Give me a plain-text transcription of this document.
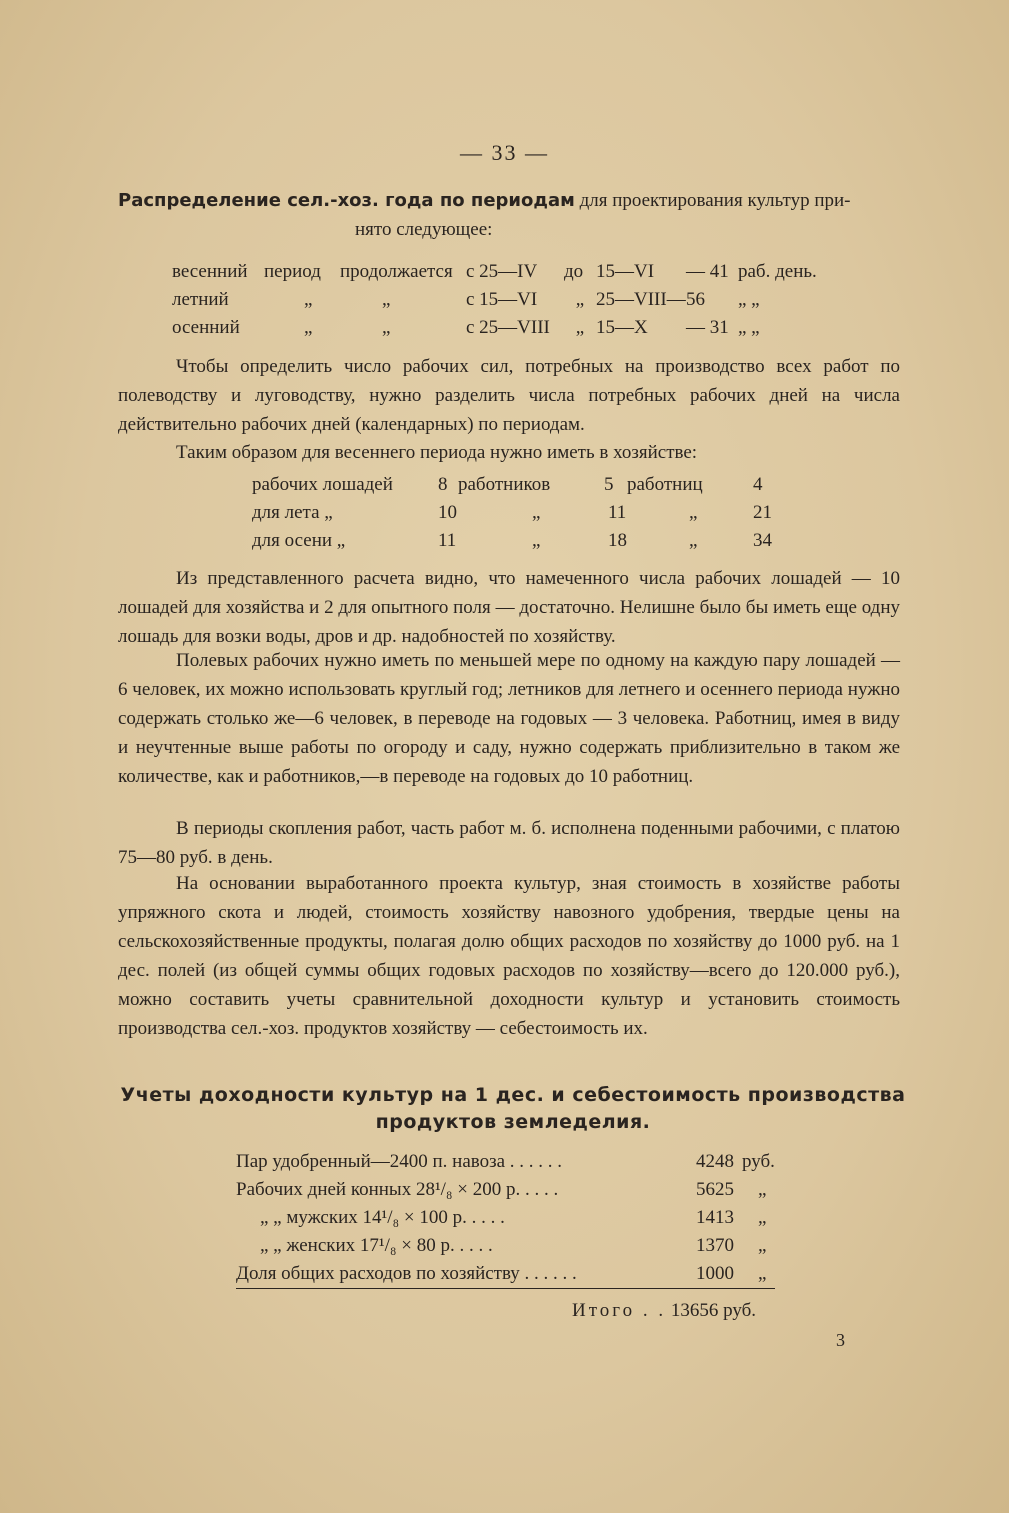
— 33 —
Распределение сел.-хоз. года по периодам для проектирования культур при-
нято следующее:
весенний	период	продолжается	с 25—IV	до	15—VI	— 41	раб. день.
летний	„	„	с 15—VI	„	25—VIII—	56	„ „
осенний	„	„	с 25—VIII	„	15—X	— 31	„ „

Чтобы определить число рабочих сил, потребных на производство всех работ по полеводству и луговодству, нужно разделить числа потребных рабочих дней на числа действительно рабочих дней (календарных) по периодам.

Таким образом для весеннего периода нужно иметь в хозяйстве:

рабочих лошадей	8	работников	5	работниц	4
для лета „	10	„	11	„	21
для осени „	11	„	18	„	34

Из представленного расчета видно, что намеченного числа рабочих лошадей — 10 лошадей для хозяйства и 2 для опытного поля — достаточно. Нелишне было бы иметь еще одну лошадь для возки воды, дров и др. надобностей по хозяйству.

Полевых рабочих нужно иметь по меньшей мере по одному на каждую пару лошадей — 6 человек, их можно использовать круглый год; летников для летнего и осеннего периода нужно содержать столько же—6 человек, в переводе на годовых — 3 человека. Работниц, имея в виду и неучтенные выше работы по огороду и саду, нужно содержать приблизительно в таком же количестве, как и работников,—в переводе на годовых до 10 работниц.

В периоды скопления работ, часть работ м. б. исполнена поденными рабочими, с платою 75—80 руб. в день.

На основании выработанного проекта культур, зная стоимость в хозяйстве работы упряжного скота и людей, стоимость хозяйству навозного удобрения, твердые цены на сельскохозяйственные продукты, полагая долю общих расходов по хозяйству до 1000 руб. на 1 дес. полей (из общей суммы общих годовых расходов по хозяйству—всего до 120.000 руб.), можно составить учеты сравнительной доходности культур и установить стоимость производства сел.-хоз. продуктов хозяйству — себестоимость их.

Учеты доходности культур на 1 дес. и себестоимость производства
продуктов земледелия.
Пар удобренный—2400 п. навоза . . . . . .	4248	руб.
Рабочих дней конных 28¹/₈ × 200 р. . . . .	5625	„
„ „ мужских 14¹/₈ × 100 р. . . . .	1413	„
„ „ женских 17¹/₈ × 80 р. . . . .	1370	„
Доля общих расходов по хозяйству . . . . . .	1000	„
Итого . . 13656 руб.
3
